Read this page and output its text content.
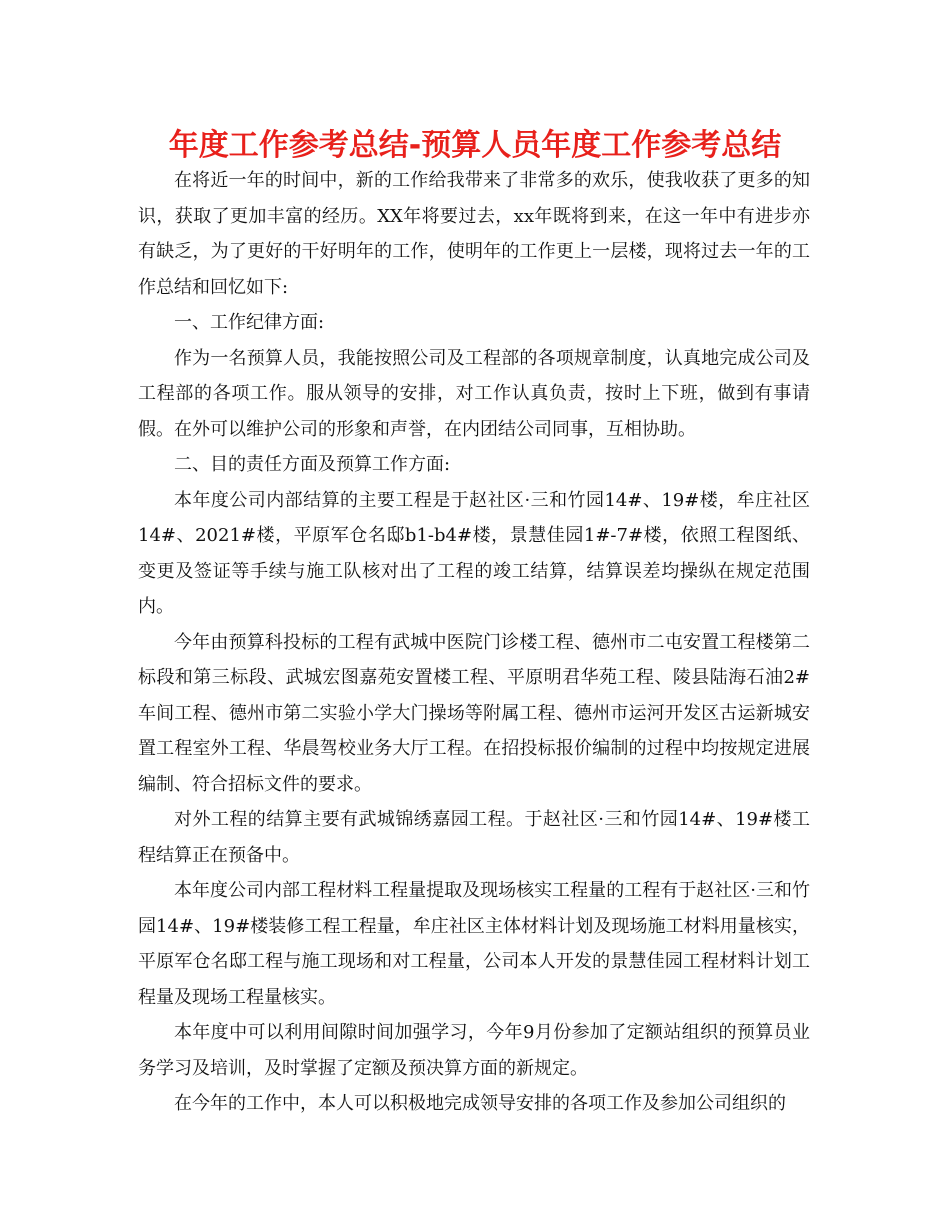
年度工作参考总结-预算人员年度工作参考总结

在将近一年的时间中，新的工作给我带来了非常多的欢乐，使我收获了更多的知识，获取了更加丰富的经历。XX年将要过去，xx年既将到来，在这一年中有进步亦有缺乏，为了更好的干好明年的工作，使明年的工作更上一层楼，现将过去一年的工作总结和回忆如下:

一、工作纪律方面:

作为一名预算人员，我能按照公司及工程部的各项规章制度，认真地完成公司及工程部的各项工作。服从领导的安排，对工作认真负责，按时上下班，做到有事请假。在外可以维护公司的形象和声誉，在内团结公司同事，互相协助。

二、目的责任方面及预算工作方面:

本年度公司内部结算的主要工程是于赵社区·三和竹园14#、19#楼，牟庄社区14#、2021#楼，平原军仓名邸b1-b4#楼，景慧佳园1#-7#楼，依照工程图纸、变更及签证等手续与施工队核对出了工程的竣工结算，结算误差均操纵在规定范围内。

今年由预算科投标的工程有武城中医院门诊楼工程、德州市二屯安置工程楼第二标段和第三标段、武城宏图嘉苑安置楼工程、平原明君华苑工程、陵县陆海石油2#车间工程、德州市第二实验小学大门操场等附属工程、德州市运河开发区古运新城安置工程室外工程、华晨驾校业务大厅工程。在招投标报价编制的过程中均按规定进展编制、符合招标文件的要求。

对外工程的结算主要有武城锦绣嘉园工程。于赵社区·三和竹园14#、19#楼工程结算正在预备中。

本年度公司内部工程材料工程量提取及现场核实工程量的工程有于赵社区·三和竹园14#、19#楼装修工程工程量，牟庄社区主体材料计划及现场施工材料用量核实，平原军仓名邸工程与施工现场和对工程量，公司本人开发的景慧佳园工程材料计划工程量及现场工程量核实。

本年度中可以利用间隙时间加强学习，今年9月份参加了定额站组织的预算员业务学习及培训，及时掌握了定额及预决算方面的新规定。

在今年的工作中，本人可以积极地完成领导安排的各项工作及参加公司组织的
